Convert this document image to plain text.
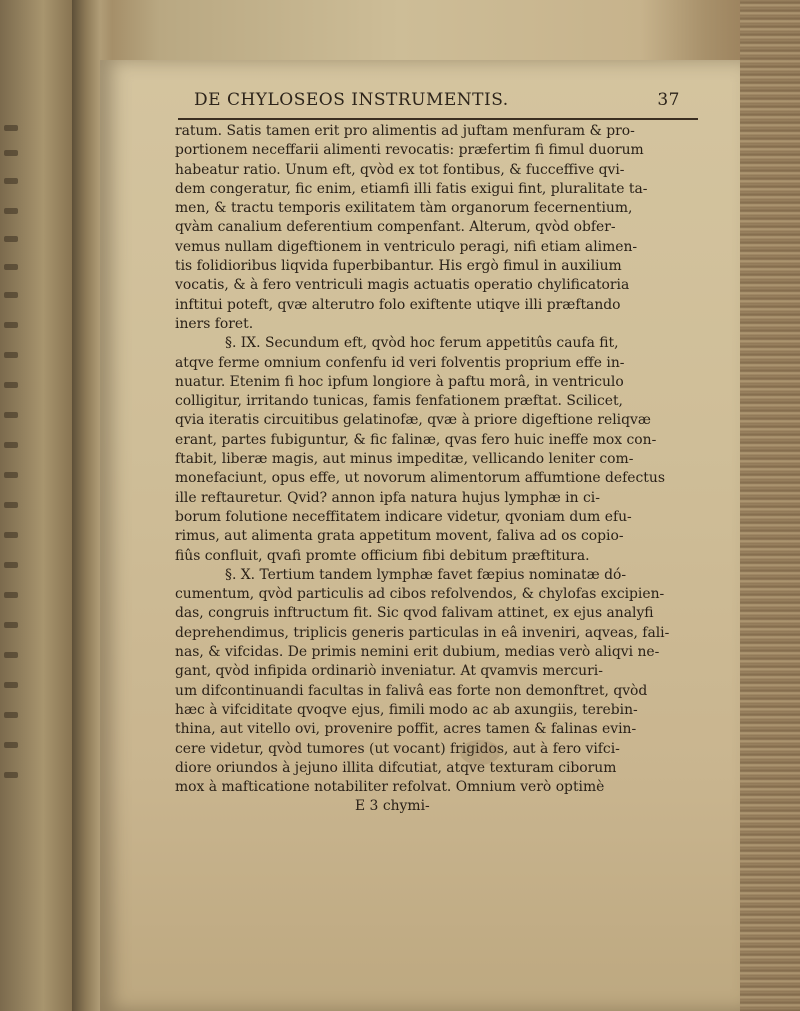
DE CHYLOSEOS INSTRUMENTIS.	37
ratum. Satis tamen erit pro alimentis ad juftam menfuram & pro-
portionem neceffarii alimenti revocatis: præfertim fi fimul duorum
habeatur ratio. Unum eft, qvòd ex tot fontibus, & fucceffive qvi-
dem congeratur, fic enim, etiamfi illi fatis exigui fint, pluralitate ta-
men, & tractu temporis exilitatem tàm organorum fecernentium,
qvàm canalium deferentium compenfant. Alterum, qvòd obfer-
vemus nullam digeftionem in ventriculo peragi, nifi etiam alimen-
tis folidioribus liqvida fuperbibantur. His ergò fimul in auxilium
vocatis, & à fero ventriculi magis actuatis operatio chylificatoria
inftitui poteft, qvæ alterutro folo exiftente utiqve illi præftando
iners foret.
§. IX. Secundum eft, qvòd hoc ferum appetitûs caufa fit,
atqve ferme omnium confenfu id veri folventis proprium effe in-
nuatur. Etenim fi hoc ipfum longiore à paftu morâ, in ventriculo
colligitur, irritando tunicas, famis fenfationem præftat. Scilicet,
qvia iteratis circuitibus gelatinofæ, qvæ à priore digeftione reliqvæ
erant, partes fubiguntur, & fic falinæ, qvas fero huic ineffe mox con-
ftabit, liberæ magis, aut minus impeditæ, vellicando leniter com-
monefaciunt, opus effe, ut novorum alimentorum affumtione defectus
ille reftauretur. Qvid? annon ipfa natura hujus lymphæ in ci-
borum folutione neceffitatem indicare videtur, qvoniam dum efu-
rimus, aut alimenta grata appetitum movent, faliva ad os copio-
fiûs confluit, qvafi promte officium fibi debitum præftitura.
§. X. Tertium tandem lymphæ favet fæpius nominatæ dó-
cumentum, qvòd particulis ad cibos refolvendos, & chylofas excipien-
das, congruis inftructum fit. Sic qvod falivam attinet, ex ejus analyfi
deprehendimus, triplicis generis particulas in eâ inveniri, aqveas, fali-
nas, & vifcidas. De primis nemini erit dubium, medias verò aliqvi ne-
gant, qvòd infipida ordinariò inveniatur. At qvamvis mercuri-
um difcontinuandi facultas in falivâ eas forte non demonftret, qvòd
hæc à vifciditate qvoqve ejus, fimili modo ac ab axungiis, terebin-
thina, aut vitello ovi, provenire poffit, acres tamen & falinas evin-
cere videtur, qvòd tumores (ut vocant) frigidos, aut à fero vifci-
diore oriundos à jejuno illita difcutiat, atqve texturam ciborum
mox à mafticatione notabiliter refolvat. Omnium verò optimè
E 3 chymi-
